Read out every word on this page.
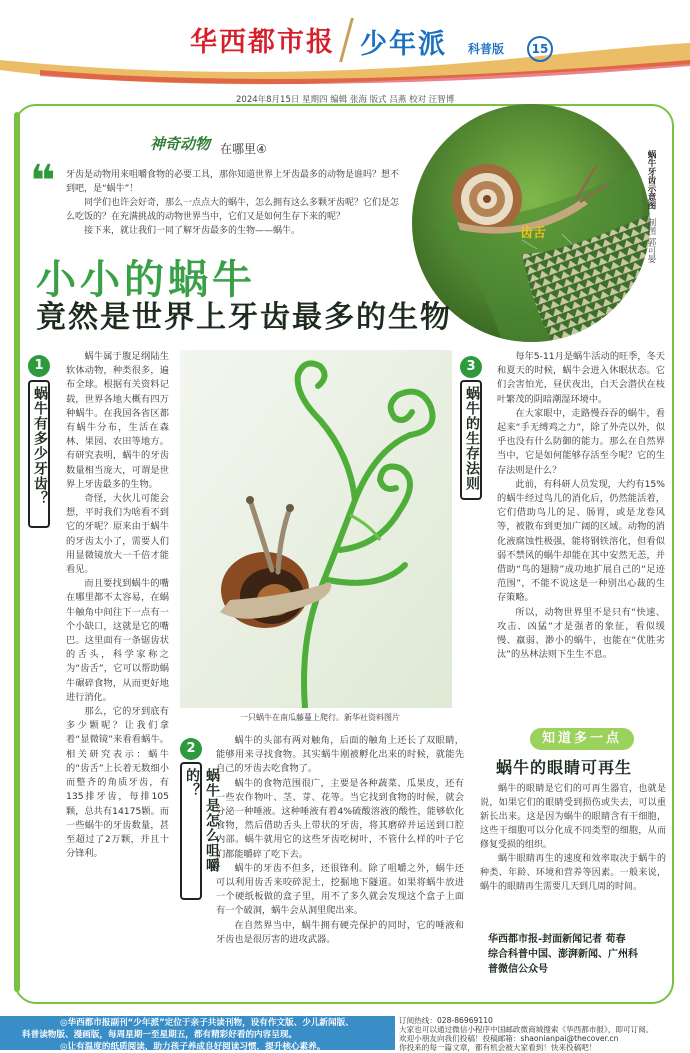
华西都市报 少年派 科普版	15
2024年8月15日 星期四 编辑 张海 版式 吕燕 校对 汪智博
神奇动物 在哪里④
❝ 牙齿是动物用来咀嚼食物的必要工具，那你知道世界上牙齿最多的动物是谁吗？想不到吧，是“蜗牛”！

同学们也许会好奇，那么一点点大的蜗牛，怎么拥有这么多颗牙齿呢？它们是怎么吃饭的？在充满挑战的动物世界当中，它们又是如何生存下来的呢？

接下来，就让我们一同了解牙齿最多的生物——蜗牛。	齿舌
蜗牛牙齿示意图 制图 郭可晏
小小的蜗牛
竟然是世界上牙齿最多的生物
1
蜗牛有多少牙齿？

蜗牛属于腹足纲陆生软体动物，种类很多，遍布全球。根据有关资料记载，世界各地大概有四万种蜗牛。在我国各省区都有蜗牛分布，生活在森林、果园、农田等地方。有研究表明，蜗牛的牙齿数量相当庞大，可谓是世界上牙齿最多的生物。

奇怪，大伙儿可能会想，平时我们为啥看不到它的牙呢？原来由于蜗牛的牙齿太小了，需要人们用显微镜放大一千倍才能看见。

而且要找到蜗牛的嘴在哪里都不太容易，在蜗牛触角中间往下一点有一个小缺口，这就是它的嘴巴。这里面有一条锯齿状的舌头，科学家称之为“齿舌”，它可以帮助蜗牛碾碎食物，从而更好地进行消化。

那么，它的牙到底有多少颗呢？让我们拿着“显微镜”来看看蜗牛。相关研究表示：蜗牛的“齿舌”上长着无数细小而整齐的角质牙齿，有135排牙齿，每排105颗，总共有14175颗。而一些蜗牛的牙齿数量，甚至超过了2万颗，并且十分锋利。

一只蜗牛在南瓜藤蔓上爬行。新华社资料图片
2
蜗牛是怎么咀嚼的？

蜗牛的头部有两对触角，后面的触角上还长了双眼睛，能够用来寻找食物。其实蜗牛刚被孵化出来的时候，就能先自己的牙齿去吃食物了。

蜗牛的食物范围很广，主要是各种蔬菜、瓜果皮，还有一些农作物叶、茎、芽、花等。当它找到食物的时候，就会分泌一种唾液。这种唾液有着4%硫酸溶液的酸性，能够软化食物，然后借助舌头上带状的牙齿，将其磨碎并运送到口腔内部。蜗牛就用它的这些牙齿吃树叶，不管什么样的叶子它们都能嚼碎了吃下去。

蜗牛的牙齿不但多，还很锋利。除了咀嚼之外，蜗牛还可以利用齿舌来咬碎泥土，挖掘地下隧道。如果将蜗牛放进一个硬纸板做的盒子里，用不了多久就会发现这个盒子上面有一个破洞，蜗牛会从洞里爬出来。

在自然界当中，蜗牛拥有硬壳保护的同时，它的唾液和牙齿也是很厉害的进攻武器。

3
蜗牛的生存法则

每年5-11月是蜗牛活动的旺季，冬天和夏天的时候，蜗牛会进入休眠状态。它们会害怕光，昼伏夜出，白天会潜伏在枝叶繁茂的阴暗潮湿环境中。

在大家眼中，走路慢吞吞的蜗牛，看起来“手无缚鸡之力”，除了外壳以外，似乎也没有什么防御的能力。那么在自然界当中，它是如何能够存活至今呢？它的生存法则是什么？

此前，有科研人员发现，大约有15%的蜗牛经过鸟儿的消化后，仍然能活着，它们借助鸟儿的足、肠胃，或是龙卷风等，被散布到更加广阔的区域。动物的消化液腐蚀性极强，能将钢铁溶化，但看似弱不禁风的蜗牛却能在其中安然无恙，并借助“鸟的翅膀”成功地扩展自己的“足迹范围”，不能不说这是一种别出心裁的生存策略。

所以，动物世界里不是只有“快速、攻击、凶猛”才是强者的象征，看似缓慢、羸弱、渺小的蜗牛，也能在“优胜劣汰”的丛林法则下生生不息。

知道多一点
蜗牛的眼睛可再生

蜗牛的眼睛是它们的可再生器官，也就是说，如果它们的眼睛受到损伤或失去，可以重新长出来。这是因为蜗牛的眼睛含有干细胞，这些干细胞可以分化成不同类型的细胞，从而修复受损的组织。

蜗牛眼睛再生的速度和效率取决于蜗牛的种类、年龄、环境和营养等因素。一般来说，蜗牛的眼睛再生需要几天到几周的时间。

华西都市报-封面新闻记者 荀春
综合科普中国、澎湃新闻、广州科
普微信公众号
◎华西都市报副刊“少年派”定位于亲子共读刊物，设有作文版、少儿新闻版、
科普读物版、漫画版，每周星期一至星期五，都有精彩好看的内容呈现。
◎让有温度的纸质阅读，助力孩子养成良好阅读习惯，提升核心素养。
订阅热线：028-86969110
大家也可以通过微信小程序中国邮政微商城搜索《华西都市报》，即可订阅。
欢迎小朋友向我们投稿！投稿邮箱：shaonianpai@thecover.cn
你投来的每一篇文章，都有机会被大家看到！快来投稿吧！
